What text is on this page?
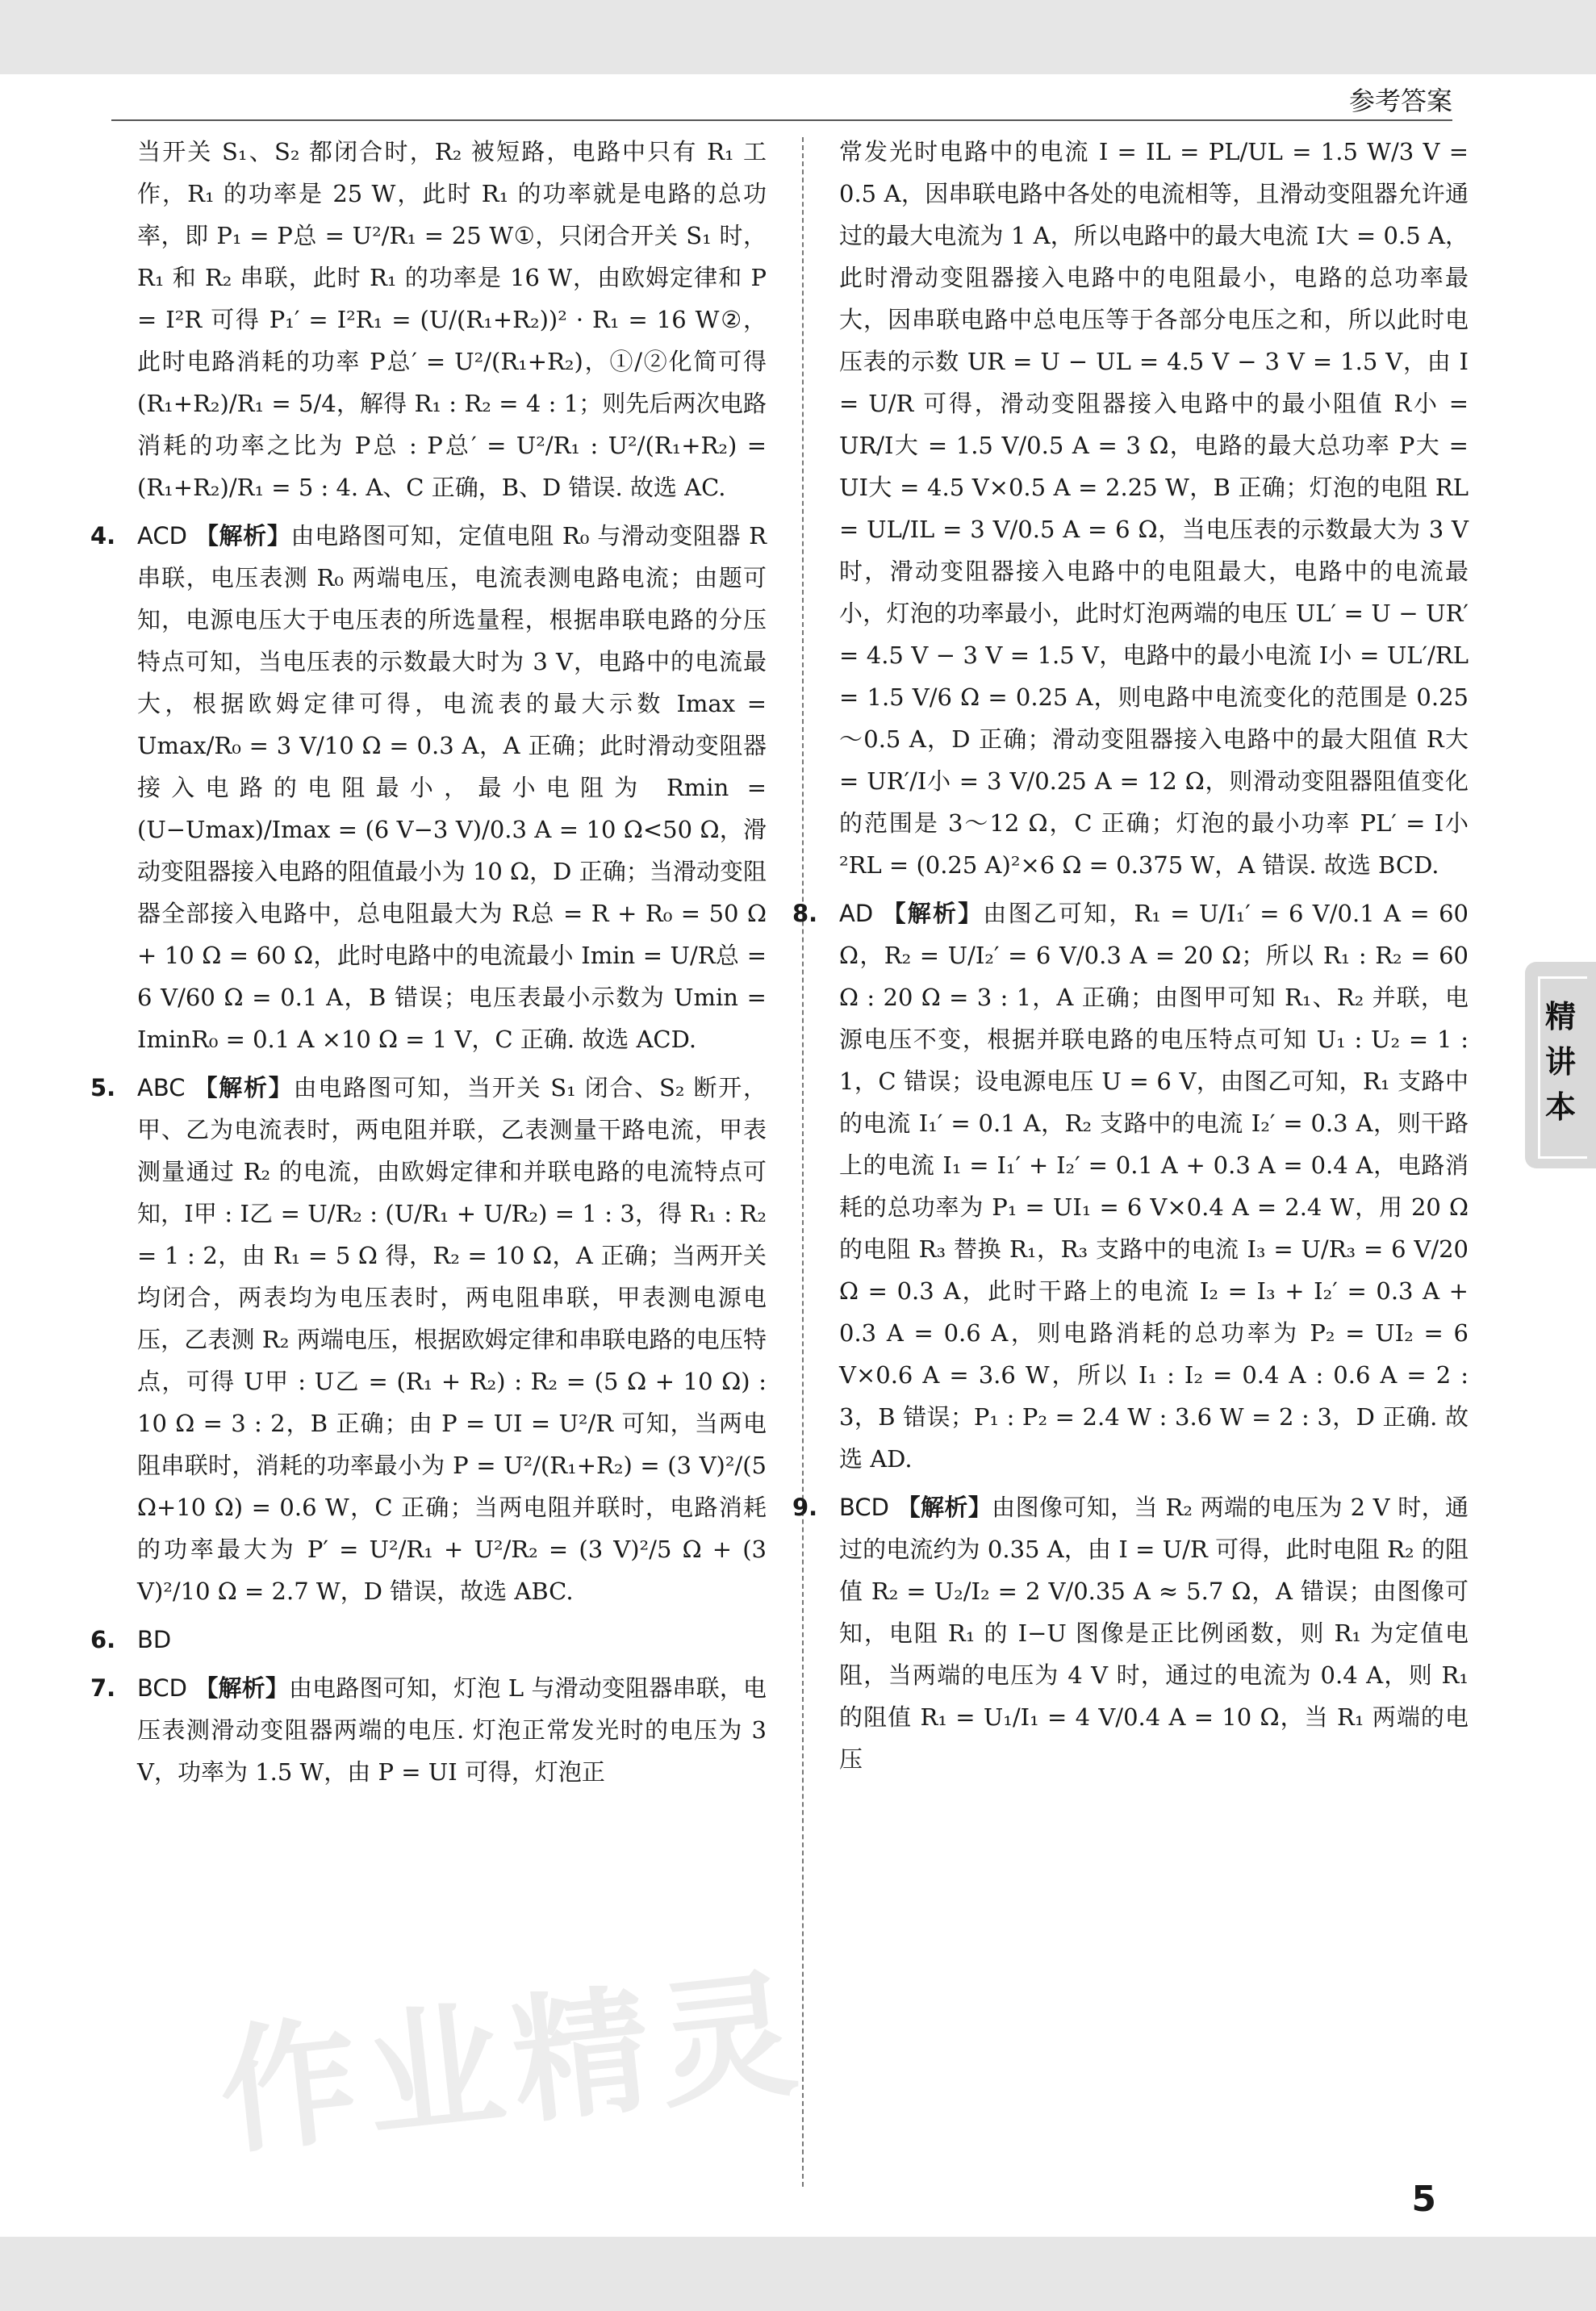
参考答案

当开关 S₁、S₂ 都闭合时，R₂ 被短路，电路中只有 R₁ 工作，R₁ 的功率是 25 W，此时 R₁ 的功率就是电路的总功率，即 P₁ = P总 = U²/R₁ = 25 W①，只闭合开关 S₁ 时，R₁ 和 R₂ 串联，此时 R₁ 的功率是 16 W，由欧姆定律和 P = I²R 可得 P₁′ = I²R₁ = (U/(R₁+R₂))² · R₁ = 16 W②，此时电路消耗的功率 P总′ = U²/(R₁+R₂)，①/②化简可得 (R₁+R₂)/R₁ = 5/4，解得 R₁ : R₂ = 4 : 1；则先后两次电路消耗的功率之比为 P总 : P总′ = U²/R₁ : U²/(R₁+R₂) = (R₁+R₂)/R₁ = 5 : 4. A、C 正确，B、D 错误. 故选 AC.

4. ACD 【解析】由电路图可知，定值电阻 R₀ 与滑动变阻器 R 串联，电压表测 R₀ 两端电压，电流表测电路电流；由题可知，电源电压大于电压表的所选量程，根据串联电路的分压特点可知，当电压表的示数最大时为 3 V，电路中的电流最大，根据欧姆定律可得，电流表的最大示数 Imax = Umax/R₀ = 3 V/10 Ω = 0.3 A，A 正确；此时滑动变阻器接入电路的电阻最小，最小电阻为 Rmin = (U−Umax)/Imax = (6 V−3 V)/0.3 A = 10 Ω<50 Ω，滑动变阻器接入电路的阻值最小为 10 Ω，D 正确；当滑动变阻器全部接入电路中，总电阻最大为 R总 = R + R₀ = 50 Ω + 10 Ω = 60 Ω，此时电路中的电流最小 Imin = U/R总 = 6 V/60 Ω = 0.1 A，B 错误；电压表最小示数为 Umin = IminR₀ = 0.1 A ×10 Ω = 1 V，C 正确. 故选 ACD.

5. ABC 【解析】由电路图可知，当开关 S₁ 闭合、S₂ 断开，甲、乙为电流表时，两电阻并联，乙表测量干路电流，甲表测量通过 R₂ 的电流，由欧姆定律和并联电路的电流特点可知，I甲 : I乙 = U/R₂ : (U/R₁ + U/R₂) = 1 : 3，得 R₁ : R₂ = 1 : 2，由 R₁ = 5 Ω 得，R₂ = 10 Ω，A 正确；当两开关均闭合，两表均为电压表时，两电阻串联，甲表测电源电压，乙表测 R₂ 两端电压，根据欧姆定律和串联电路的电压特点，可得 U甲 : U乙 = (R₁ + R₂) : R₂ = (5 Ω + 10 Ω) : 10 Ω = 3 : 2，B 正确；由 P = UI = U²/R 可知，当两电阻串联时，消耗的功率最小为 P = U²/(R₁+R₂) = (3 V)²/(5 Ω+10 Ω) = 0.6 W，C 正确；当两电阻并联时，电路消耗的功率最大为 P′ = U²/R₁ + U²/R₂ = (3 V)²/5 Ω + (3 V)²/10 Ω = 2.7 W，D 错误，故选 ABC.

6. BD

7. BCD 【解析】由电路图可知，灯泡 L 与滑动变阻器串联，电压表测滑动变阻器两端的电压. 灯泡正常发光时的电压为 3 V，功率为 1.5 W，由 P = UI 可得，灯泡正

常发光时电路中的电流 I = IL = PL/UL = 1.5 W/3 V = 0.5 A，因串联电路中各处的电流相等，且滑动变阻器允许通过的最大电流为 1 A，所以电路中的最大电流 I大 = 0.5 A，此时滑动变阻器接入电路中的电阻最小，电路的总功率最大，因串联电路中总电压等于各部分电压之和，所以此时电压表的示数 UR = U − UL = 4.5 V − 3 V = 1.5 V，由 I = U/R 可得，滑动变阻器接入电路中的最小阻值 R小 = UR/I大 = 1.5 V/0.5 A = 3 Ω，电路的最大总功率 P大 = UI大 = 4.5 V×0.5 A = 2.25 W，B 正确；灯泡的电阻 RL = UL/IL = 3 V/0.5 A = 6 Ω，当电压表的示数最大为 3 V 时，滑动变阻器接入电路中的电阻最大，电路中的电流最小，灯泡的功率最小，此时灯泡两端的电压 UL′ = U − UR′ = 4.5 V − 3 V = 1.5 V，电路中的最小电流 I小 = UL′/RL = 1.5 V/6 Ω = 0.25 A，则电路中电流变化的范围是 0.25～0.5 A，D 正确；滑动变阻器接入电路中的最大阻值 R大 = UR′/I小 = 3 V/0.25 A = 12 Ω，则滑动变阻器阻值变化的范围是 3～12 Ω，C 正确；灯泡的最小功率 PL′ = I小²RL = (0.25 A)²×6 Ω = 0.375 W，A 错误. 故选 BCD.

8. AD 【解析】由图乙可知，R₁ = U/I₁′ = 6 V/0.1 A = 60 Ω，R₂ = U/I₂′ = 6 V/0.3 A = 20 Ω；所以 R₁ : R₂ = 60 Ω : 20 Ω = 3 : 1，A 正确；由图甲可知 R₁、R₂ 并联，电源电压不变，根据并联电路的电压特点可知 U₁ : U₂ = 1 : 1，C 错误；设电源电压 U = 6 V，由图乙可知，R₁ 支路中的电流 I₁′ = 0.1 A，R₂ 支路中的电流 I₂′ = 0.3 A，则干路上的电流 I₁ = I₁′ + I₂′ = 0.1 A + 0.3 A = 0.4 A，电路消耗的总功率为 P₁ = UI₁ = 6 V×0.4 A = 2.4 W，用 20 Ω 的电阻 R₃ 替换 R₁，R₃ 支路中的电流 I₃ = U/R₃ = 6 V/20 Ω = 0.3 A，此时干路上的电流 I₂ = I₃ + I₂′ = 0.3 A + 0.3 A = 0.6 A，则电路消耗的总功率为 P₂ = UI₂ = 6 V×0.6 A = 3.6 W，所以 I₁ : I₂ = 0.4 A : 0.6 A = 2 : 3，B 错误；P₁ : P₂ = 2.4 W : 3.6 W = 2 : 3，D 正确. 故选 AD.

9. BCD 【解析】由图像可知，当 R₂ 两端的电压为 2 V 时，通过的电流约为 0.35 A，由 I = U/R 可得，此时电阻 R₂ 的阻值 R₂ = U₂/I₂ = 2 V/0.35 A ≈ 5.7 Ω，A 错误；由图像可知，电阻 R₁ 的 I−U 图像是正比例函数，则 R₁ 为定值电阻，当两端的电压为 4 V 时，通过的电流为 0.4 A，则 R₁ 的阻值 R₁ = U₁/I₁ = 4 V/0.4 A = 10 Ω，当 R₁ 两端的电压

精讲本
5
